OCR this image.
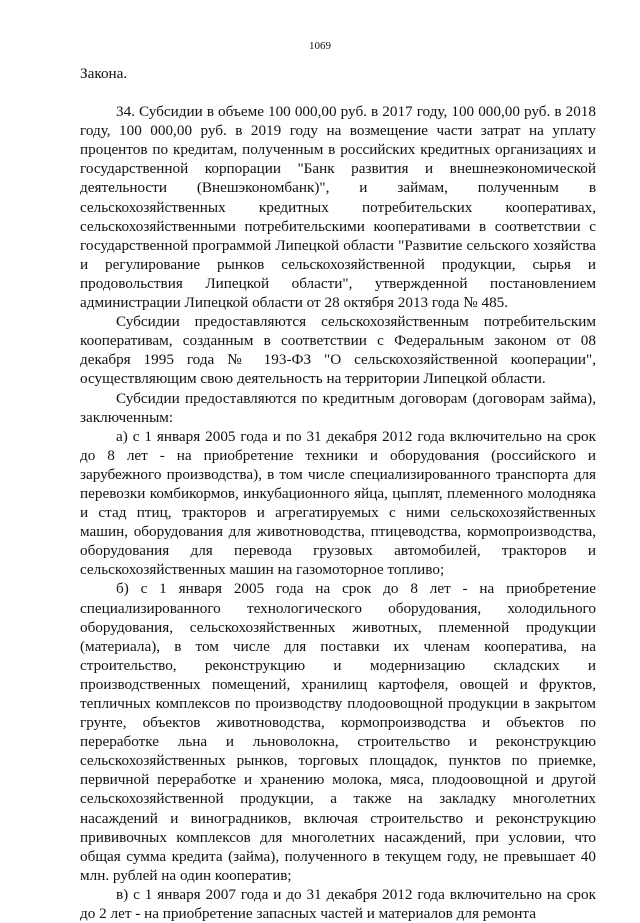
1069

Закона.

34. Субсидии в объеме 100 000,00 руб. в 2017 году, 100 000,00 руб. в 2018 году, 100 000,00 руб. в 2019 году на возмещение части затрат на уплату процентов по кредитам, полученным в российских кредитных организациях и государственной корпорации "Банк развития и внешнеэкономической деятельности (Внешэкономбанк)", и займам, полученным в сельскохозяйственных кредитных потребительских кооперативах, сельскохозяйственными потребительскими кооперативами в соответствии с государственной программой Липецкой области "Развитие сельского хозяйства и регулирование рынков сельскохозяйственной продукции, сырья и продовольствия Липецкой области", утвержденной постановлением администрации Липецкой области от 28 октября 2013 года № 485.

Субсидии предоставляются сельскохозяйственным потребительским кооперативам, созданным в соответствии с Федеральным законом от 08 декабря 1995 года № 193-ФЗ "О сельскохозяйственной кооперации", осуществляющим свою деятельность на территории Липецкой области.

Субсидии предоставляются по кредитным договорам (договорам займа), заключенным:

а) с 1 января 2005 года и по 31 декабря 2012 года включительно на срок до 8 лет - на приобретение техники и оборудования (российского и зарубежного производства), в том числе специализированного транспорта для перевозки комбикормов, инкубационного яйца, цыплят, племенного молодняка и стад птиц, тракторов и агрегатируемых с ними сельскохозяйственных машин, оборудования для животноводства, птицеводства, кормопроизводства, оборудования для перевода грузовых автомобилей, тракторов и сельскохозяйственных машин на газомоторное топливо;

б) с 1 января 2005 года на срок до 8 лет - на приобретение специализированного технологического оборудования, холодильного оборудования, сельскохозяйственных животных, племенной продукции (материала), в том числе для поставки их членам кооператива, на строительство, реконструкцию и модернизацию складских и производственных помещений, хранилищ картофеля, овощей и фруктов, тепличных комплексов по производству плодоовощной продукции в закрытом грунте, объектов животноводства, кормопроизводства и объектов по переработке льна и льноволокна, строительство и реконструкцию сельскохозяйственных рынков, торговых площадок, пунктов по приемке, первичной переработке и хранению молока, мяса, плодоовощной и другой сельскохозяйственной продукции, а также на закладку многолетних насаждений и виноградников, включая строительство и реконструкцию прививочных комплексов для многолетних насаждений, при условии, что общая сумма кредита (займа), полученного в текущем году, не превышает 40 млн. рублей на один кооператив;

в) с 1 января 2007 года и до 31 декабря 2012 года включительно на срок до 2 лет - на приобретение запасных частей и материалов для ремонта
